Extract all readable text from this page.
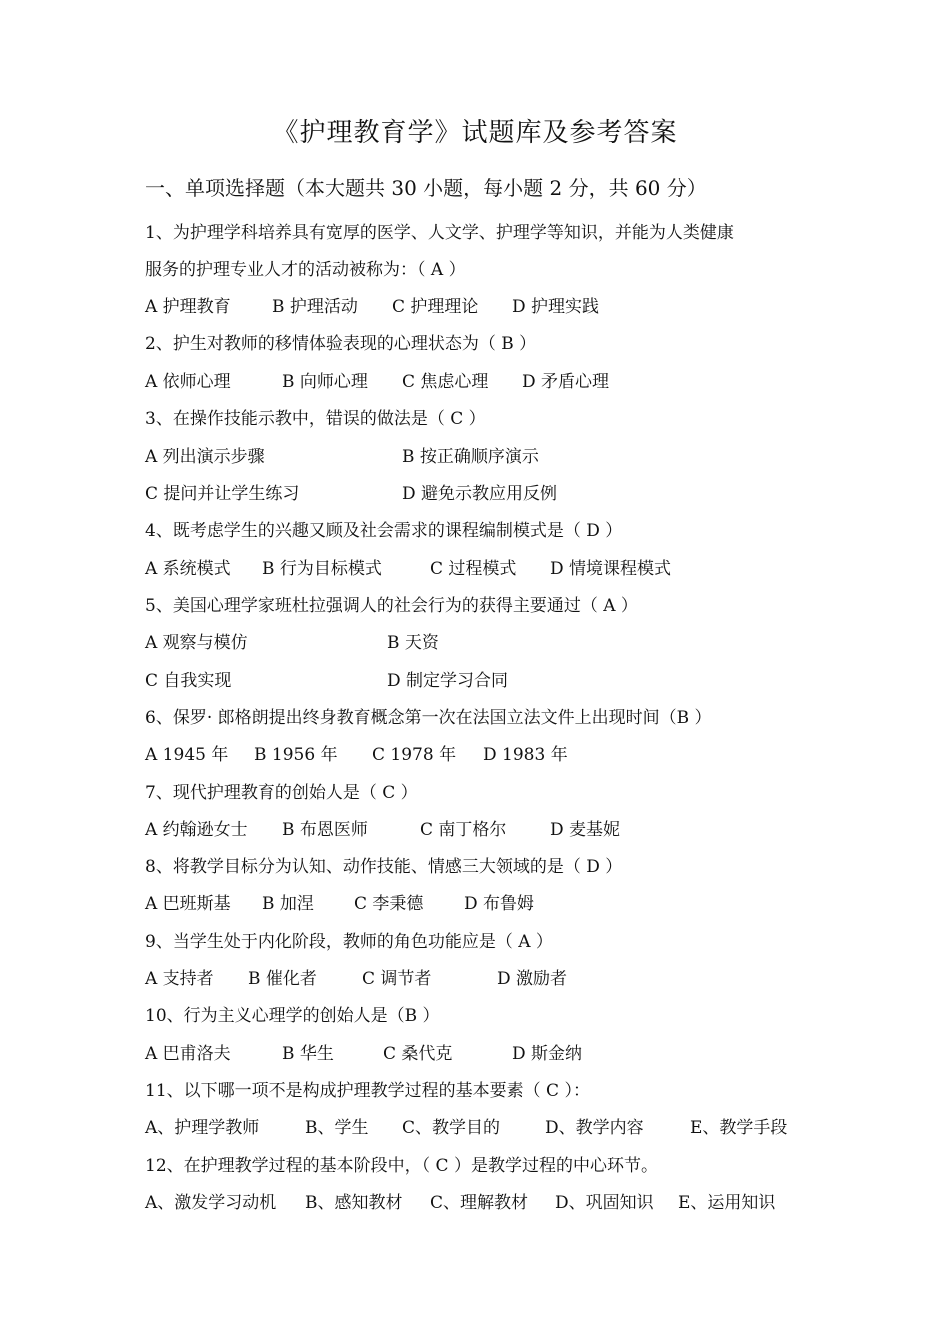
《护理教育学》试题库及参考答案
一、单项选择题（本大题共 30 小题，每小题 2 分，共 60 分）
1、为护理学科培养具有宽厚的医学、人文学、护理学等知识，并能为人类健康
服务的护理专业人才的活动被称为：（ A ）
A 护理教育 B 护理活动 C 护理理论 D 护理实践
2、护生对教师的移情体验表现的心理状态为（ B ）
A 依师心理	B 向师心理 C 焦虑心理 D 矛盾心理
3、在操作技能示教中，错误的做法是（ C ）
A 列出演示步骤	B 按正确顺序演示
C 提问并让学生练习	D 避免示教应用反例
4、既考虑学生的兴趣又顾及社会需求的课程编制模式是（ D ）
A 系统模式 B 行为目标模式	C 过程模式 D 情境课程模式
5、美国心理学家班杜拉强调人的社会行为的获得主要通过（ A ）
A 观察与模仿	B 天资
C 自我实现	D 制定学习合同
6、保罗· 郎格朗提出终身教育概念第一次在法国立法文件上出现时间（B ）
A 1945 年 B 1956 年 C 1978 年 D 1983 年
7、现代护理教育的创始人是（ C ）
A 约翰逊女士 B 布恩医师	C 南丁格尔	D 麦基妮
8、将教学目标分为认知、动作技能、情感三大领域的是（ D ）
A 巴班斯基 B 加涅 C 李秉德 D 布鲁姆
9、当学生处于内化阶段，教师的角色功能应是（ A ）
A 支持者 B 催化者	C 调节者	D 激励者
10、行为主义心理学的创始人是（B ）
A 巴甫洛夫	B 华生	C 桑代克	D 斯金纳
11、以下哪一项不是构成护理教学过程的基本要素（ C ）：
A、护理学教师	B、学生 C、教学目的	D、教学内容	E、教学手段
12、在护理教学过程的基本阶段中，（ C ）是教学过程的中心环节。
A、激发学习动机 B、感知教材 C、理解教材 D、巩固知识 E、运用知识
